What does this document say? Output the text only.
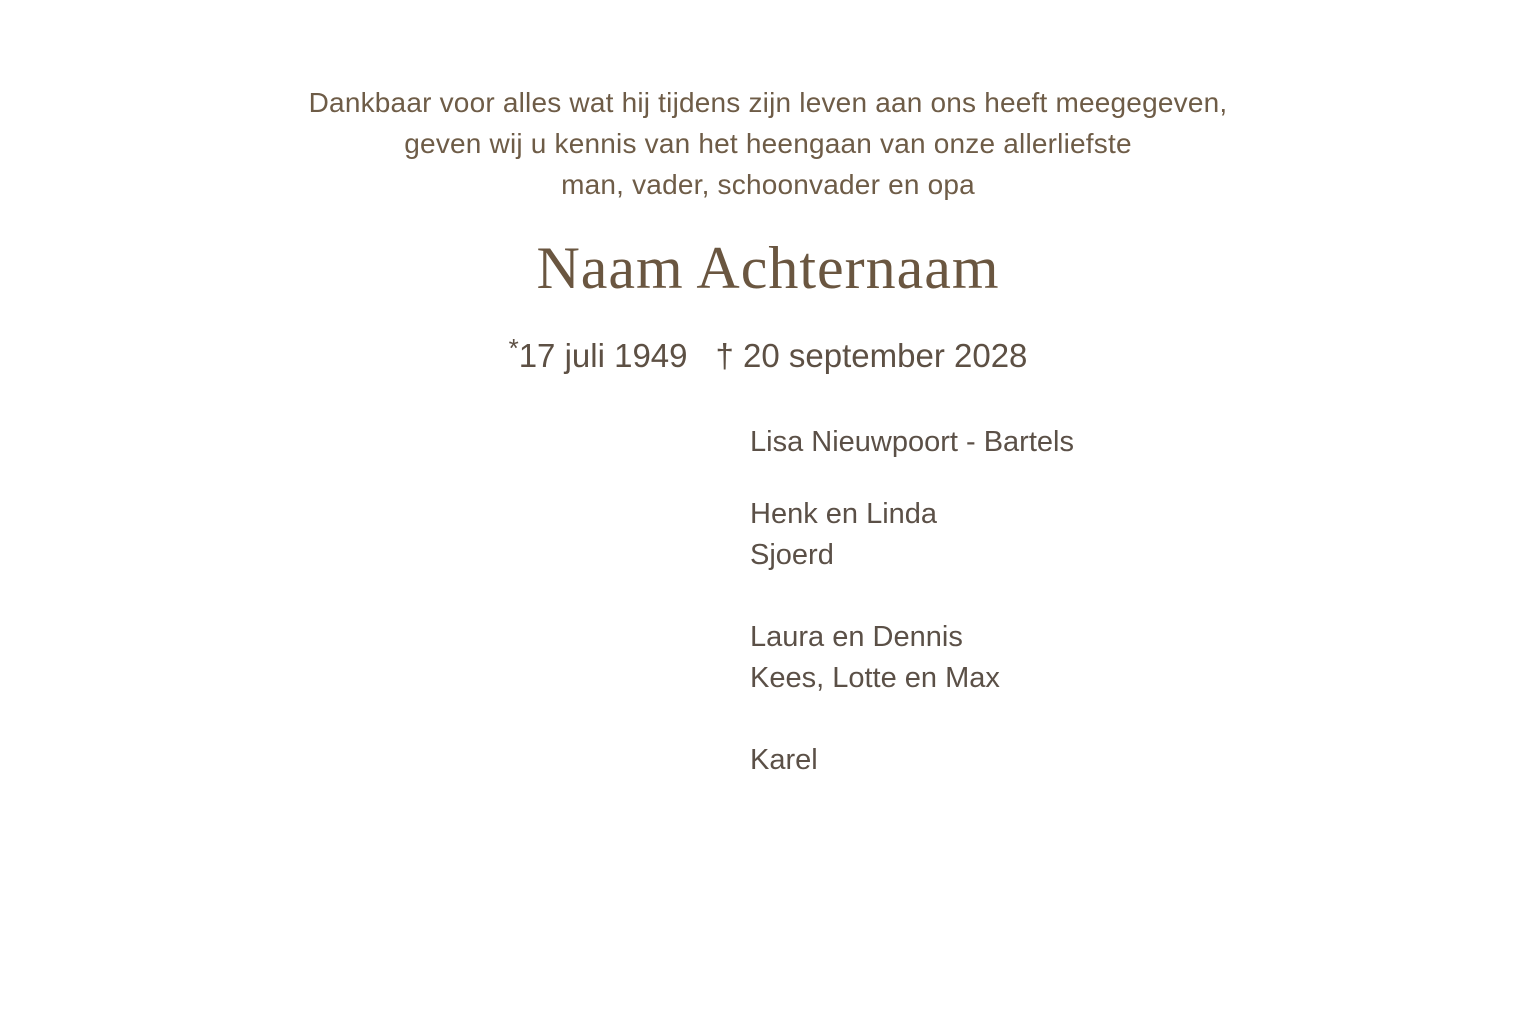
Dankbaar voor alles wat hij tijdens zijn leven aan ons heeft meegegeven,
geven wij u kennis van het heengaan van onze allerliefste
man, vader, schoonvader en opa
Naam Achternaam
*17 juli 1949 † 20 september 2028
Lisa Nieuwpoort - Bartels
Henk en Linda
Sjoerd
Laura en Dennis
Kees, Lotte en Max
Karel
